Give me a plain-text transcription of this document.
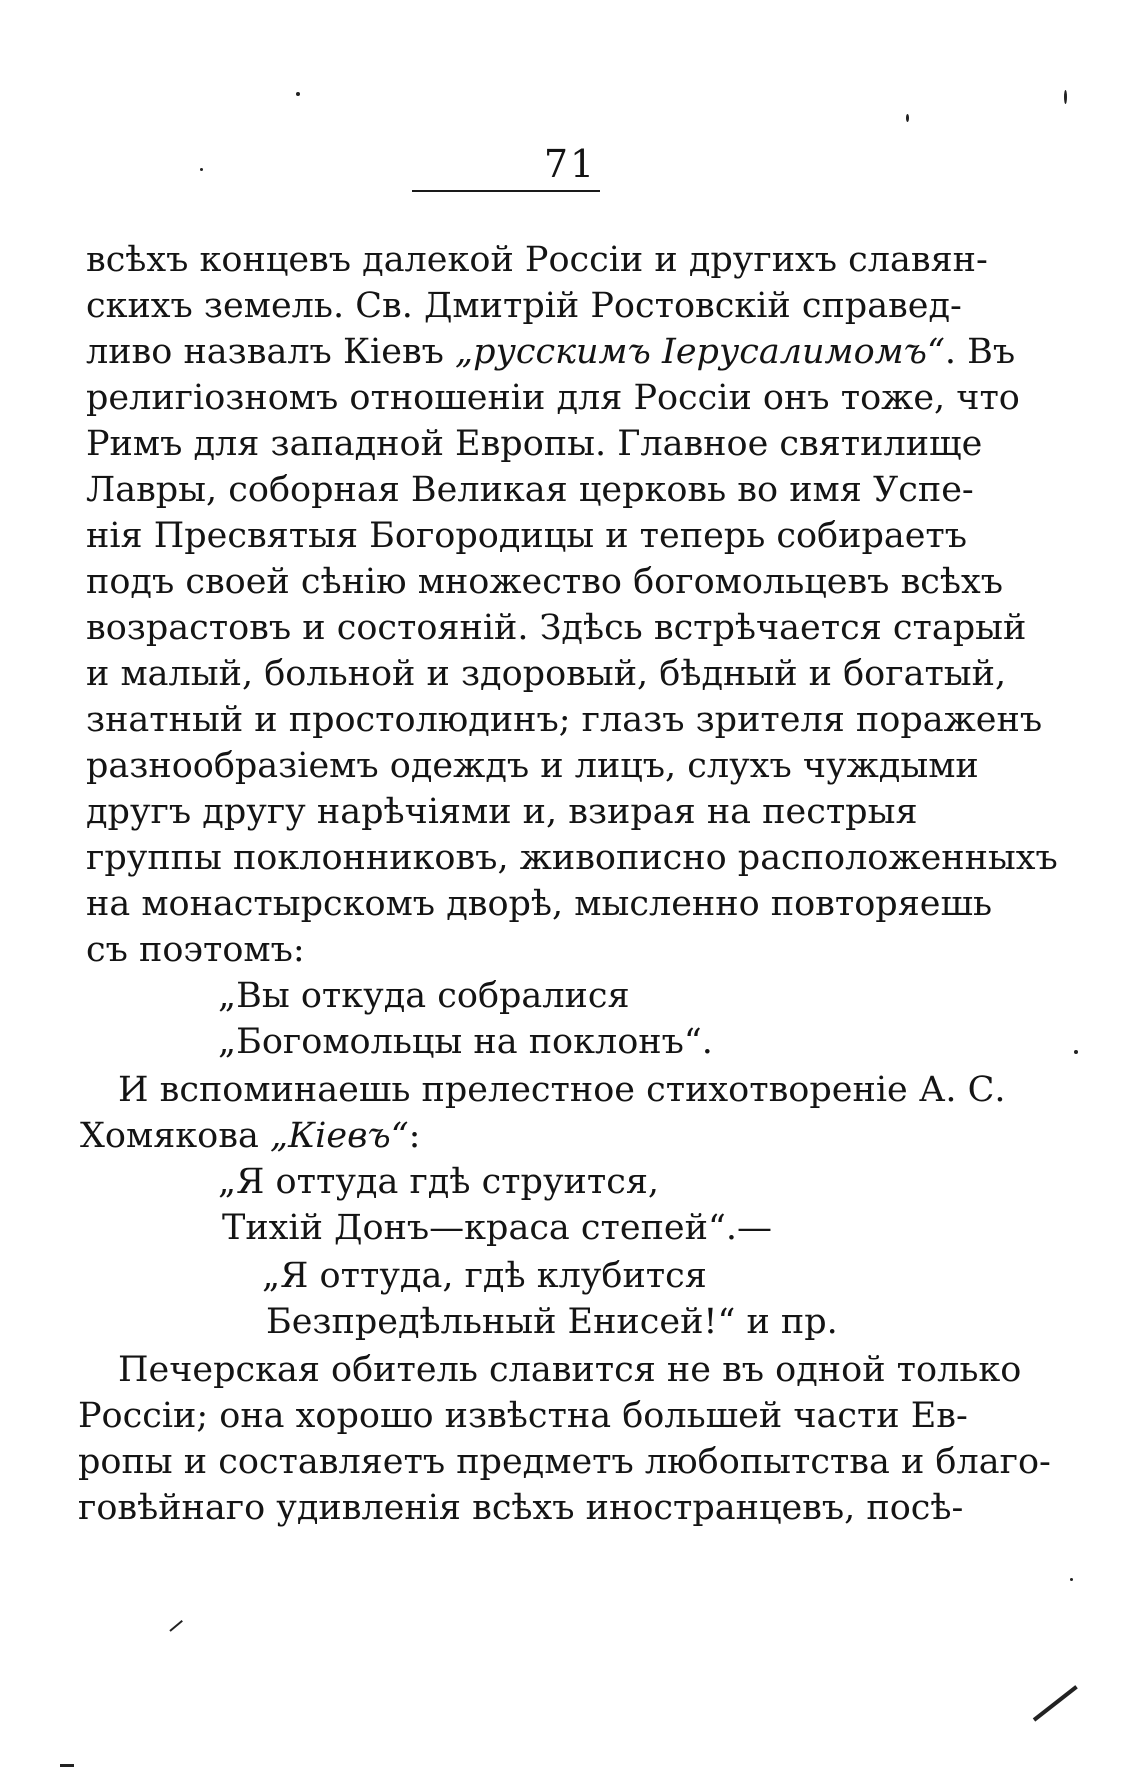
71
всѣхъ концевъ далекой Россіи и другихъ славян-
скихъ земель. Св. Дмитрій Ростовскій справед-
ливо назвалъ Кіевъ „русскимъ Іерусалимомъ“. Въ
религіозномъ отношеніи для Россіи онъ тоже, что
Римъ для западной Европы. Главное святилище
Лавры, соборная Великая церковь во имя Успе-
нія Пресвятыя Богородицы и теперь собираетъ
подъ своей сѣнію множество богомольцевъ всѣхъ
возрастовъ и состояній. Здѣсь встрѣчается старый
и малый, больной и здоровый, бѣдный и богатый,
знатный и простолюдинъ; глазъ зрителя пораженъ
разнообразіемъ одеждъ и лицъ, слухъ чуждыми
другъ другу нарѣчіями и, взирая на пестрыя
группы поклонниковъ, живописно расположенныхъ
на монастырскомъ дворѣ, мысленно повторяешь
съ поэтомъ:
„Вы откуда собралися
„Богомольцы на поклонъ“.
И вспоминаешь прелестное стихотвореніе А. С.
Хомякова „Кіевъ“:
„Я оттуда гдѣ струится,
Тихій Донъ—краса степей“.—
„Я оттуда, гдѣ клубится
Безпредѣльный Енисей!“ и пр.
Печерская обитель славится не въ одной только
Россіи; она хорошо извѣстна большей части Ев-
ропы и составляетъ предметъ любопытства и благо-
говѣйнаго удивленія всѣхъ иностранцевъ, посѣ-
